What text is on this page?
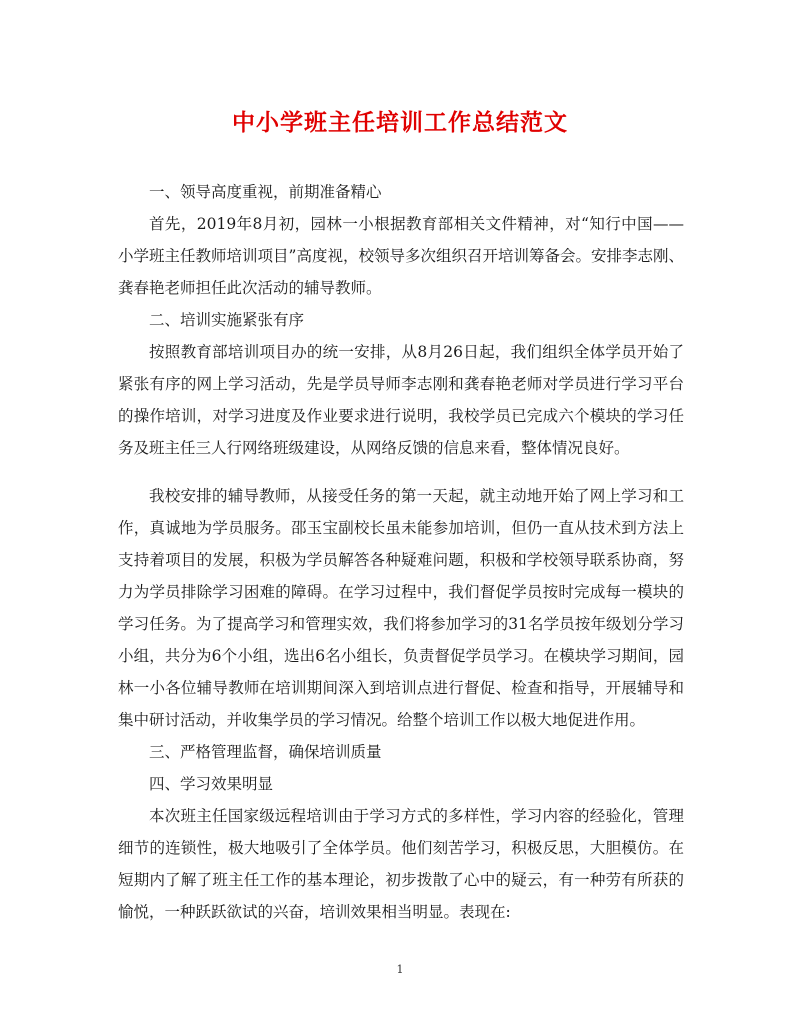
中小学班主任培训工作总结范文

一、领导高度重视，前期准备精心

首先，2019年8月初，园林一小根据教育部相关文件精神，对“知行中国——小学班主任教师培训项目”高度视，校领导多次组织召开培训筹备会。安排李志刚、龚春艳老师担任此次活动的辅导教师。

二、培训实施紧张有序

按照教育部培训项目办的统一安排，从8月26日起，我们组织全体学员开始了紧张有序的网上学习活动，先是学员导师李志刚和龚春艳老师对学员进行学习平台的操作培训，对学习进度及作业要求进行说明，我校学员已完成六个模块的学习任务及班主任三人行网络班级建设，从网络反馈的信息来看，整体情况良好。

我校安排的辅导教师，从接受任务的第一天起，就主动地开始了网上学习和工作，真诚地为学员服务。邵玉宝副校长虽未能参加培训，但仍一直从技术到方法上支持着项目的发展，积极为学员解答各种疑难问题，积极和学校领导联系协商，努力为学员排除学习困难的障碍。在学习过程中，我们督促学员按时完成每一模块的学习任务。为了提高学习和管理实效，我们将参加学习的31名学员按年级划分学习小组，共分为6个小组，选出6名小组长，负责督促学员学习。在模块学习期间，园林一小各位辅导教师在培训期间深入到培训点进行督促、检查和指导，开展辅导和集中研讨活动，并收集学员的学习情况。给整个培训工作以极大地促进作用。

三、严格管理监督，确保培训质量

四、学习效果明显

本次班主任国家级远程培训由于学习方式的多样性，学习内容的经验化，管理细节的连锁性，极大地吸引了全体学员。他们刻苦学习，积极反思，大胆模仿。在短期内了解了班主任工作的基本理论，初步拨散了心中的疑云，有一种劳有所获的愉悦，一种跃跃欲试的兴奋，培训效果相当明显。表现在:

1
